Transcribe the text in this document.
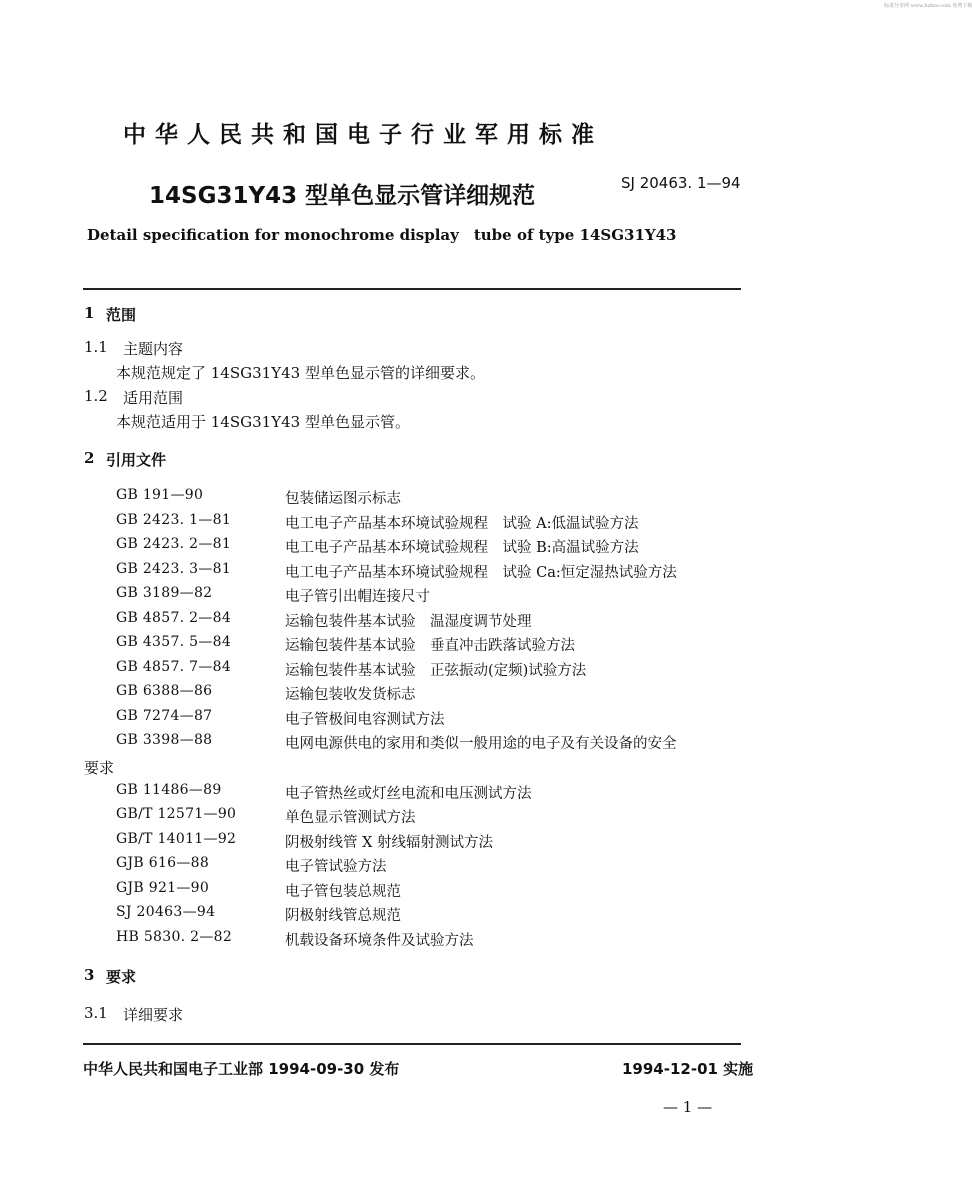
标准分享网 www.bzfxw.com 免费下载
中华人民共和国电子行业军用标准
14SG31Y43 型单色显示管详细规范	SJ 20463. 1—94
Detail specification for monochrome display　tube of type 14SG31Y43
1 范围
1.1 主题内容
本规范规定了 14SG31Y43 型单色显示管的详细要求。
1.2 适用范围
本规范适用于 14SG31Y43 型单色显示管。
2 引用文件
GB 191—90	包装储运图示标志
GB 2423. 1—81	电工电子产品基本环境试验规程　试验 A:低温试验方法
GB 2423. 2—81	电工电子产品基本环境试验规程　试验 B:高温试验方法
GB 2423. 3—81	电工电子产品基本环境试验规程　试验 Ca:恒定湿热试验方法
GB 3189—82	电子管引出帽连接尺寸
GB 4857. 2—84	运输包装件基本试验　温湿度调节处理
GB 4357. 5—84	运输包装件基本试验　垂直冲击跌落试验方法
GB 4857. 7—84	运输包装件基本试验　正弦振动(定频)试验方法
GB 6388—86	运输包装收发货标志
GB 7274—87	电子管极间电容测试方法
GB 3398—88	电网电源供电的家用和类似一般用途的电子及有关设备的安全
要求
GB 11486—89	电子管热丝或灯丝电流和电压测试方法
GB/T 12571—90	单色显示管测试方法
GB/T 14011—92	阴极射线管 X 射线辐射测试方法
GJB 616—88	电子管试验方法
GJB 921—90	电子管包装总规范
SJ 20463—94	阴极射线管总规范
HB 5830. 2—82	机载设备环境条件及试验方法
3 要求
3.1 详细要求
中华人民共和国电子工业部 1994-09-30 发布	1994-12-01 实施
— 1 —
